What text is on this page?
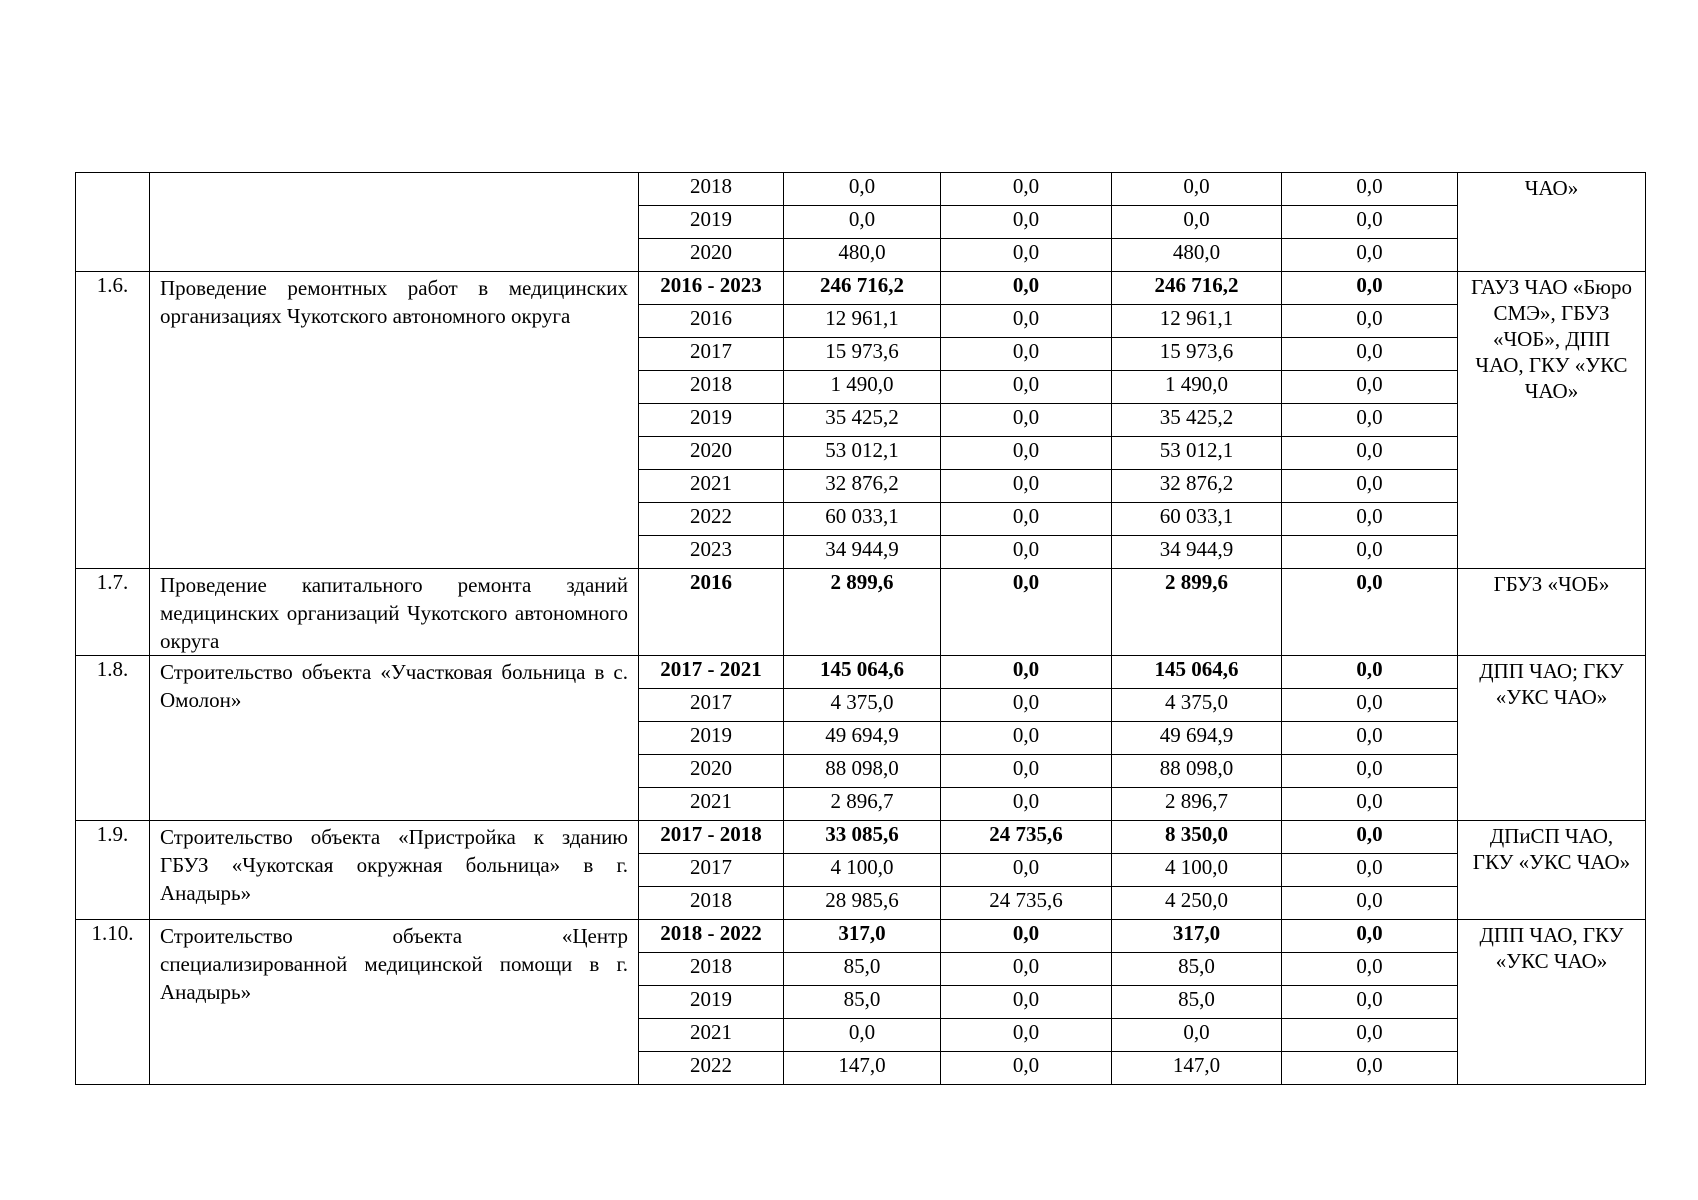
		2018	0,0	0,0	0,0	0,0	ЧАО»
		2019	0,0	0,0	0,0	0,0	
		2020	480,0	0,0	480,0	0,0	
1.6.	Проведение ремонтных работ в медицинских организациях Чукотского автономного округа	2016 - 2023	246 716,2	0,0	246 716,2	0,0	ГАУЗ ЧАО «Бюро СМЭ», ГБУЗ «ЧОБ», ДПП ЧАО, ГКУ «УКС ЧАО»
		2016	12 961,1	0,0	12 961,1	0,0	
		2017	15 973,6	0,0	15 973,6	0,0	
		2018	1 490,0	0,0	1 490,0	0,0	
		2019	35 425,2	0,0	35 425,2	0,0	
		2020	53 012,1	0,0	53 012,1	0,0	
		2021	32 876,2	0,0	32 876,2	0,0	
		2022	60 033,1	0,0	60 033,1	0,0	
		2023	34 944,9	0,0	34 944,9	0,0	
1.7.	Проведение капитального ремонта зданий медицинских организаций Чукотского автономного округа	2016	2 899,6	0,0	2 899,6	0,0	ГБУЗ «ЧОБ»
1.8.	Строительство объекта «Участковая больница в с. Омолон»	2017 - 2021	145 064,6	0,0	145 064,6	0,0	ДПП ЧАО; ГКУ «УКС ЧАО»
		2017	4 375,0	0,0	4 375,0	0,0	
		2019	49 694,9	0,0	49 694,9	0,0	
		2020	88 098,0	0,0	88 098,0	0,0	
		2021	2 896,7	0,0	2 896,7	0,0	
1.9.	Строительство объекта «Пристройка к зданию ГБУЗ «Чукотская окружная больница» в г. Анадырь»	2017 - 2018	33 085,6	24 735,6	8 350,0	0,0	ДПиСП ЧАО, ГКУ «УКС ЧАО»
		2017	4 100,0	0,0	4 100,0	0,0	
		2018	28 985,6	24 735,6	4 250,0	0,0	
1.10.	Строительство объекта «Центр специализированной медицинской помощи в г. Анадырь»	2018 - 2022	317,0	0,0	317,0	0,0	ДПП ЧАО, ГКУ «УКС ЧАО»
		2018	85,0	0,0	85,0	0,0	
		2019	85,0	0,0	85,0	0,0	
		2021	0,0	0,0	0,0	0,0	
		2022	147,0	0,0	147,0	0,0	
